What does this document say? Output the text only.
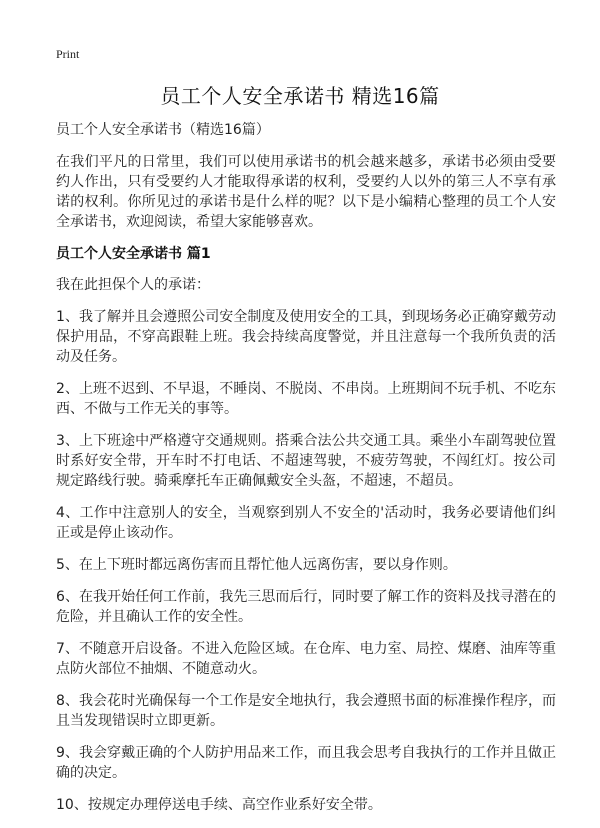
Print
员工个人安全承诺书 精选16篇

员工个人安全承诺书（精选16篇）

在我们平凡的日常里，我们可以使用承诺书的机会越来越多，承诺书必须由受要约人作出，只有受要约人才能取得承诺的权利，受要约人以外的第三人不享有承诺的权利。你所见过的承诺书是什么样的呢？以下是小编精心整理的员工个人安全承诺书，欢迎阅读，希望大家能够喜欢。

员工个人安全承诺书 篇1

我在此担保个人的承诺：

1、我了解并且会遵照公司安全制度及使用安全的工具，到现场务必正确穿戴劳动保护用品，不穿高跟鞋上班。我会持续高度警觉，并且注意每一个我所负责的活动及任务。

2、上班不迟到、不早退，不睡岗、不脱岗、不串岗。上班期间不玩手机、不吃东西、不做与工作无关的事等。

3、上下班途中严格遵守交通规则。搭乘合法公共交通工具。乘坐小车副驾驶位置时系好安全带，开车时不打电话、不超速驾驶，不疲劳驾驶，不闯红灯。按公司规定路线行驶。骑乘摩托车正确佩戴安全头盔，不超速，不超员。

4、工作中注意别人的安全，当观察到别人不安全的'活动时，我务必要请他们纠正或是停止该动作。

5、在上下班时都远离伤害而且帮忙他人远离伤害，要以身作则。

6、在我开始任何工作前，我先三思而后行，同时要了解工作的资料及找寻潜在的危险，并且确认工作的安全性。

7、不随意开启设备。不进入危险区域。在仓库、电力室、局控、煤磨、油库等重点防火部位不抽烟、不随意动火。

8、我会花时光确保每一个工作是安全地执行，我会遵照书面的标准操作程序，而且当发现错误时立即更新。

9、我会穿戴正确的个人防护用品来工作，而且我会思考自我执行的工作并且做正确的决定。

10、按规定办理停送电手续、高空作业系好安全带。
